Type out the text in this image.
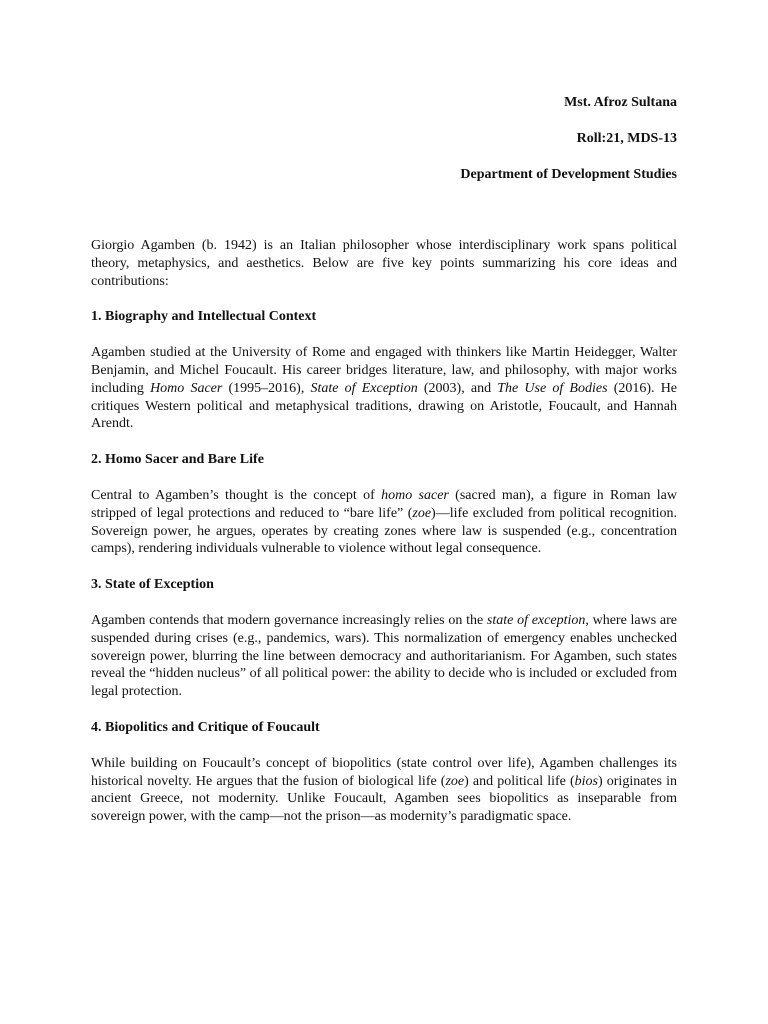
Mst. Afroz Sultana
Roll:21, MDS-13
Department of Development Studies

Giorgio Agamben (b. 1942) is an Italian philosopher whose interdisciplinary work spans political theory, metaphysics, and aesthetics. Below are five key points summarizing his core ideas and contributions:

1. Biography and Intellectual Context

Agamben studied at the University of Rome and engaged with thinkers like Martin Heidegger, Walter Benjamin, and Michel Foucault. His career bridges literature, law, and philosophy, with major works including Homo Sacer (1995–2016), State of Exception (2003), and The Use of Bodies (2016). He critiques Western political and metaphysical traditions, drawing on Aristotle, Foucault, and Hannah Arendt.

2. Homo Sacer and Bare Life

Central to Agamben’s thought is the concept of homo sacer (sacred man), a figure in Roman law stripped of legal protections and reduced to “bare life” (zoe)—life excluded from political recognition. Sovereign power, he argues, operates by creating zones where law is suspended (e.g., concentration camps), rendering individuals vulnerable to violence without legal consequence.

3. State of Exception

Agamben contends that modern governance increasingly relies on the state of exception, where laws are suspended during crises (e.g., pandemics, wars). This normalization of emergency enables unchecked sovereign power, blurring the line between democracy and authoritarianism. For Agamben, such states reveal the “hidden nucleus” of all political power: the ability to decide who is included or excluded from legal protection.

4. Biopolitics and Critique of Foucault

While building on Foucault’s concept of biopolitics (state control over life), Agamben challenges its historical novelty. He argues that the fusion of biological life (zoe) and political life (bios) originates in ancient Greece, not modernity. Unlike Foucault, Agamben sees biopolitics as inseparable from sovereign power, with the camp—not the prison—as modernity’s paradigmatic space.
